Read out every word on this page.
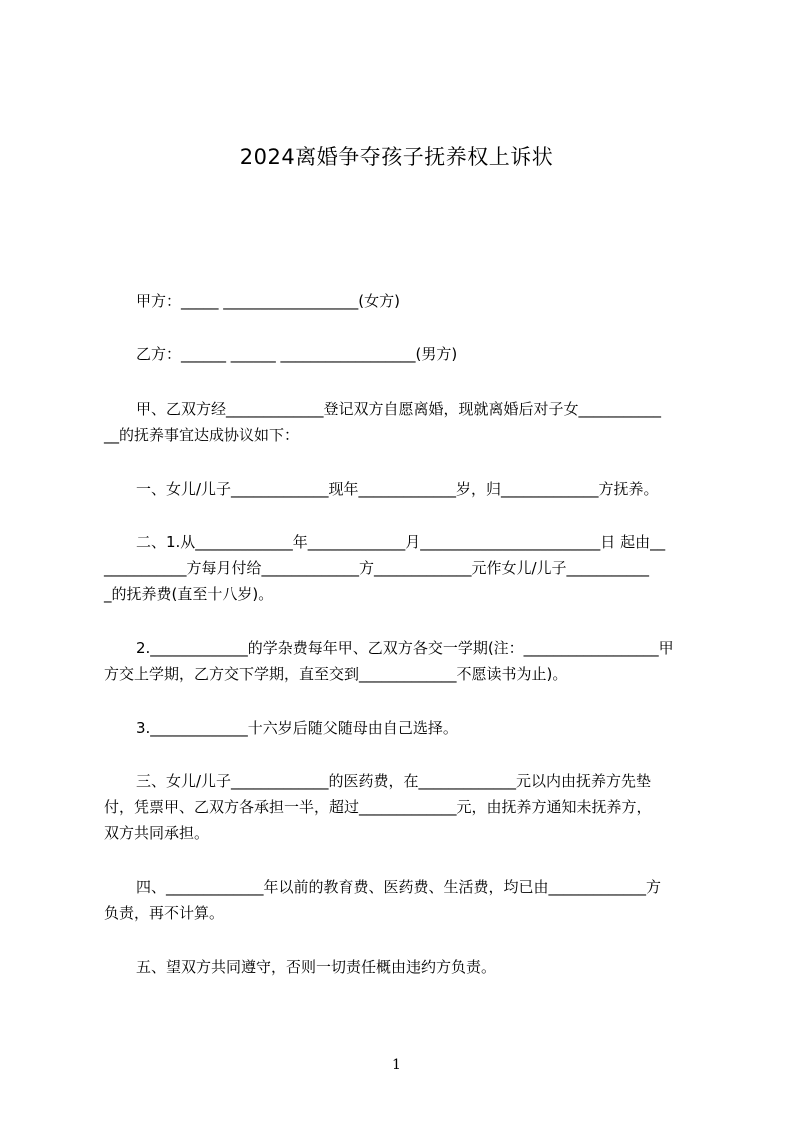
2024离婚争夺孩子抚养权上诉状
甲方：_____ __________________(女方)
乙方：______ ______ __________________(男方)
甲、乙双方经_____________登记双方自愿离婚，现就离婚后对子女___________
__的抚养事宜达成协议如下：
一、女儿/儿子_____________现年_____________岁，归_____________方抚养。
二、1.从_____________年_____________月________________________日 起由__
___________方每月付给_____________方_____________元作女儿/儿子___________
_的抚养费(直至十八岁)。
2._____________的学杂费每年甲、乙双方各交一学期(注：__________________甲
方交上学期，乙方交下学期，直至交到_____________不愿读书为止)。
3._____________十六岁后随父随母由自己选择。
三、女儿/儿子_____________的医药费，在_____________元以内由抚养方先垫
付，凭票甲、乙双方各承担一半，超过_____________元，由抚养方通知未抚养方，
双方共同承担。
四、_____________年以前的教育费、医药费、生活费，均已由_____________方
负责，再不计算。
五、望双方共同遵守，否则一切责任概由违约方负责。
1
